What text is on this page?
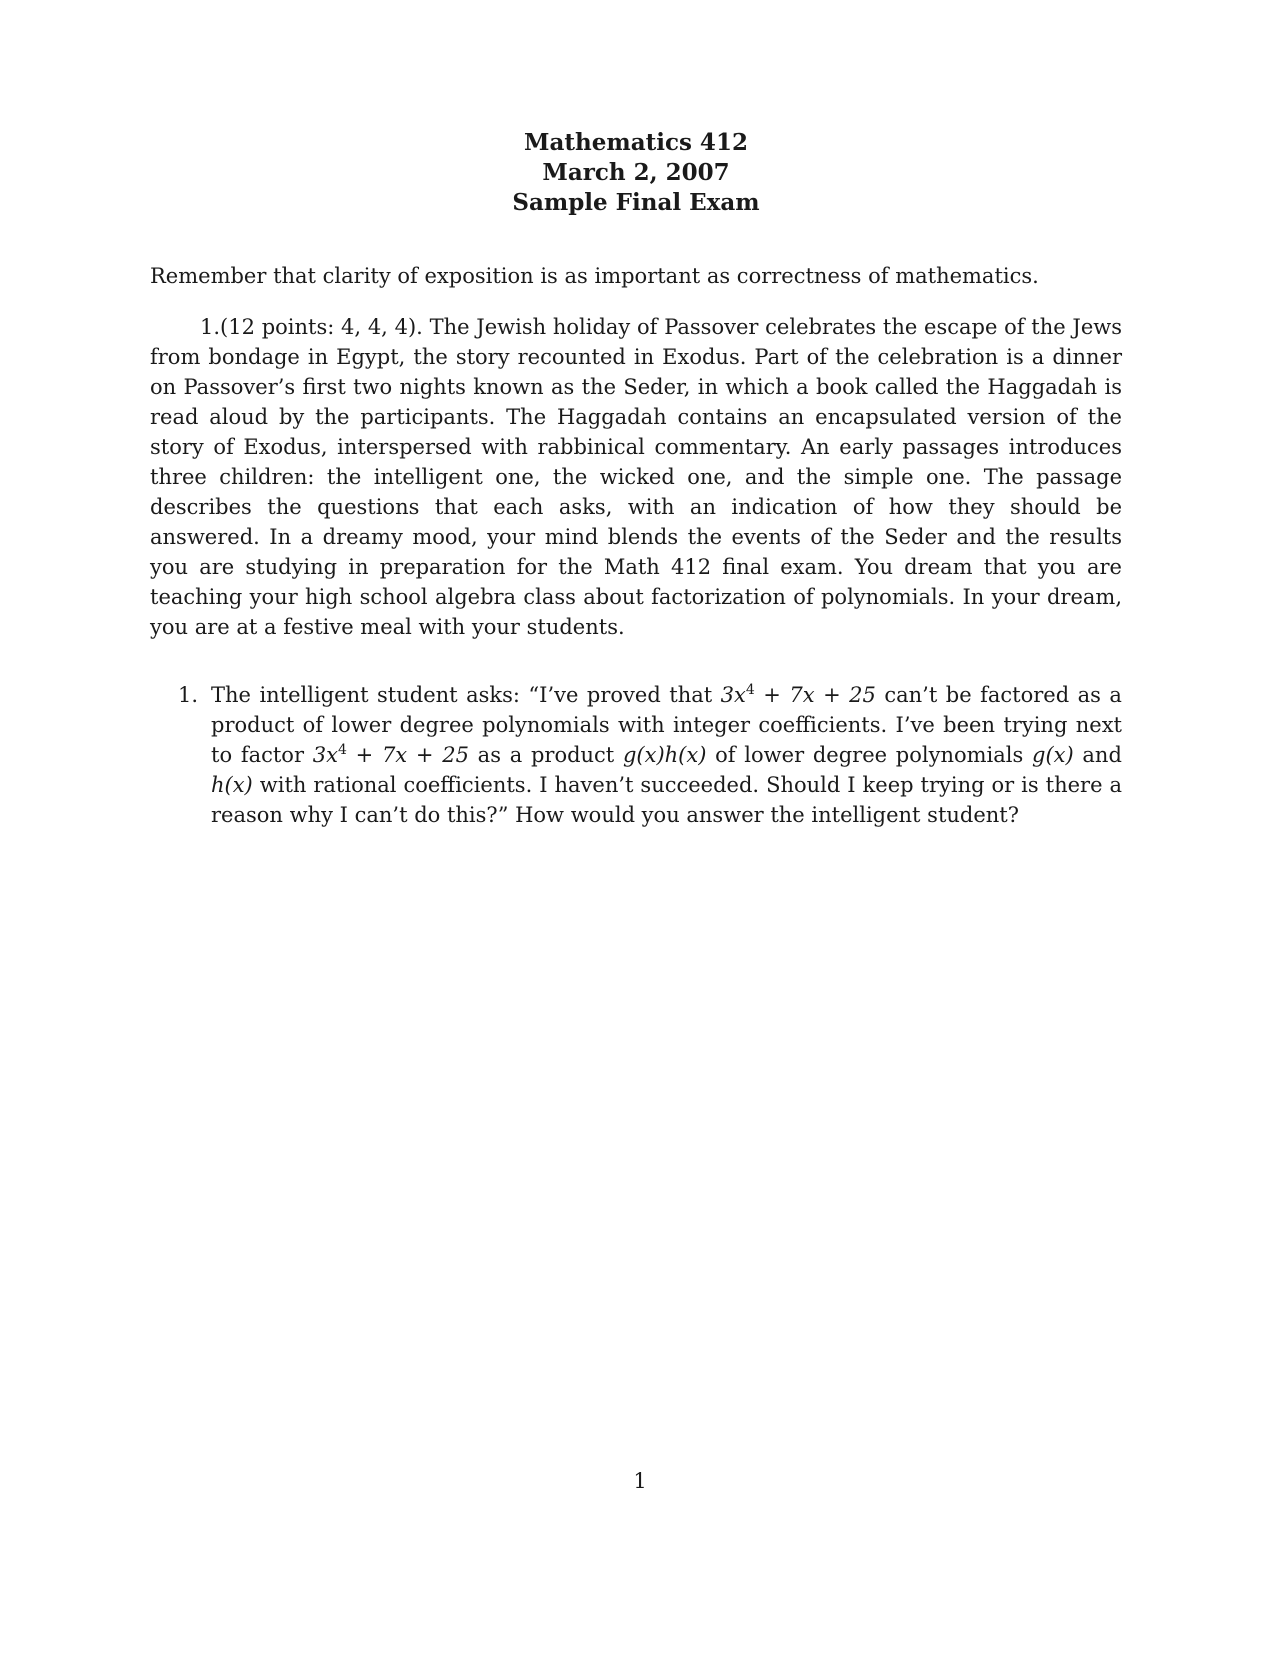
Mathematics 412
March 2, 2007
Sample Final Exam

Remember that clarity of exposition is as important as correctness of mathematics.

1.(12 points: 4, 4, 4). The Jewish holiday of Passover celebrates the escape of the Jews from bondage in Egypt, the story recounted in Exodus. Part of the celebration is a dinner on Passover’s first two nights known as the Seder, in which a book called the Haggadah is read aloud by the participants. The Haggadah contains an encapsulated version of the story of Exodus, interspersed with rabbinical commentary. An early passages introduces three children: the intelligent one, the wicked one, and the simple one. The passage describes the questions that each asks, with an indication of how they should be answered. In a dreamy mood, your mind blends the events of the Seder and the results you are studying in preparation for the Math 412 final exam. You dream that you are teaching your high school algebra class about factorization of polynomials. In your dream, you are at a festive meal with your students.

1. The intelligent student asks: “I’ve proved that $3x^4 + 7x + 25$ can’t be factored as a product of lower degree polynomials with integer coefficients. I’ve been trying next to factor $3x^4 + 7x + 25$ as a product g(x)h(x) of lower degree polynomials g(x) and h(x) with rational coefficients. I haven’t succeeded. Should I keep trying or is there a reason why I can’t do this?” How would you answer the intelligent student?
1
